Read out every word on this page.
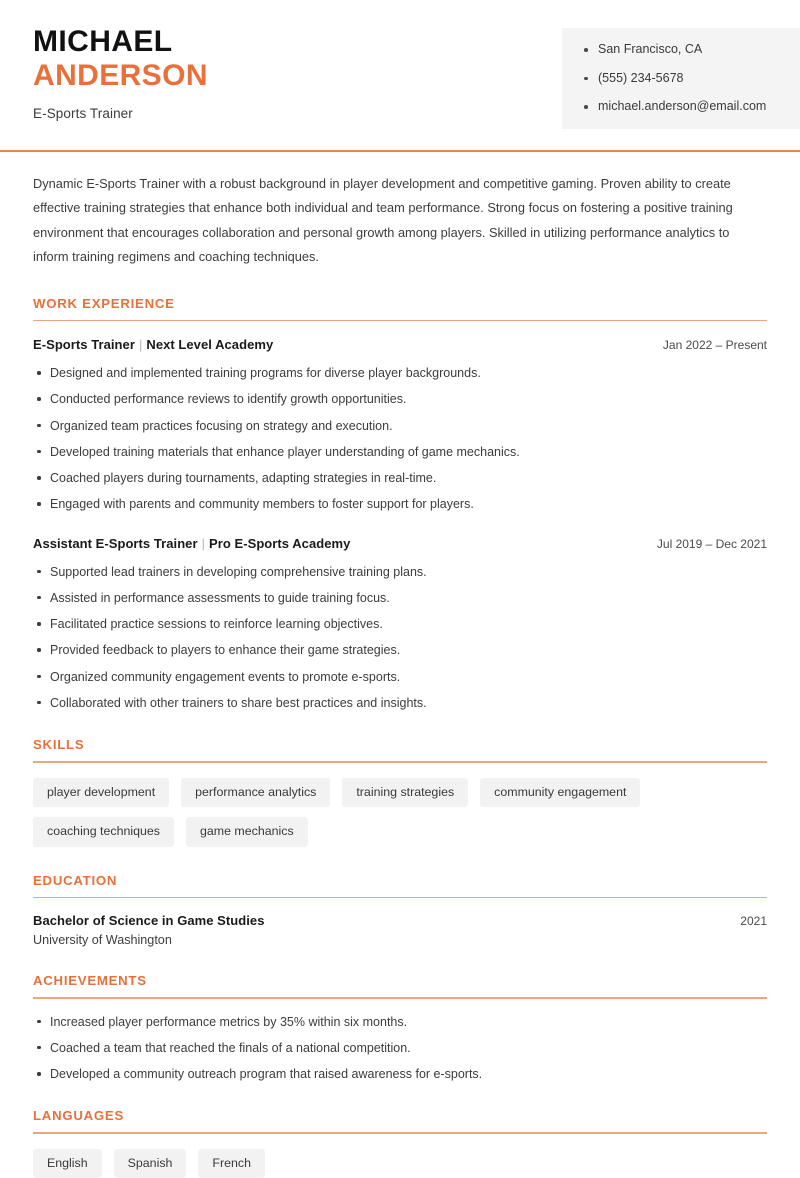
MICHAEL
ANDERSON
E-Sports Trainer
San Francisco, CA
(555) 234-5678
michael.anderson@email.com

Dynamic E-Sports Trainer with a robust background in player development and competitive gaming. Proven ability to create effective training strategies that enhance both individual and team performance. Strong focus on fostering a positive training environment that encourages collaboration and personal growth among players. Skilled in utilizing performance analytics to inform training regimens and coaching techniques.

WORK EXPERIENCE
E-Sports Trainer | Next Level Academy	Jan 2022 – Present
Designed and implemented training programs for diverse player backgrounds.
Conducted performance reviews to identify growth opportunities.
Organized team practices focusing on strategy and execution.
Developed training materials that enhance player understanding of game mechanics.
Coached players during tournaments, adapting strategies in real-time.
Engaged with parents and community members to foster support for players.
Assistant E-Sports Trainer | Pro E-Sports Academy	Jul 2019 – Dec 2021
Supported lead trainers in developing comprehensive training plans.
Assisted in performance assessments to guide training focus.
Facilitated practice sessions to reinforce learning objectives.
Provided feedback to players to enhance their game strategies.
Organized community engagement events to promote e-sports.
Collaborated with other trainers to share best practices and insights.
SKILLS
player development	performance analytics	training strategies	community engagement
coaching techniques	game mechanics
EDUCATION
Bachelor of Science in Game Studies	2021
University of Washington
ACHIEVEMENTS
Increased player performance metrics by 35% within six months.
Coached a team that reached the finals of a national competition.
Developed a community outreach program that raised awareness for e-sports.
LANGUAGES
English	Spanish	French
